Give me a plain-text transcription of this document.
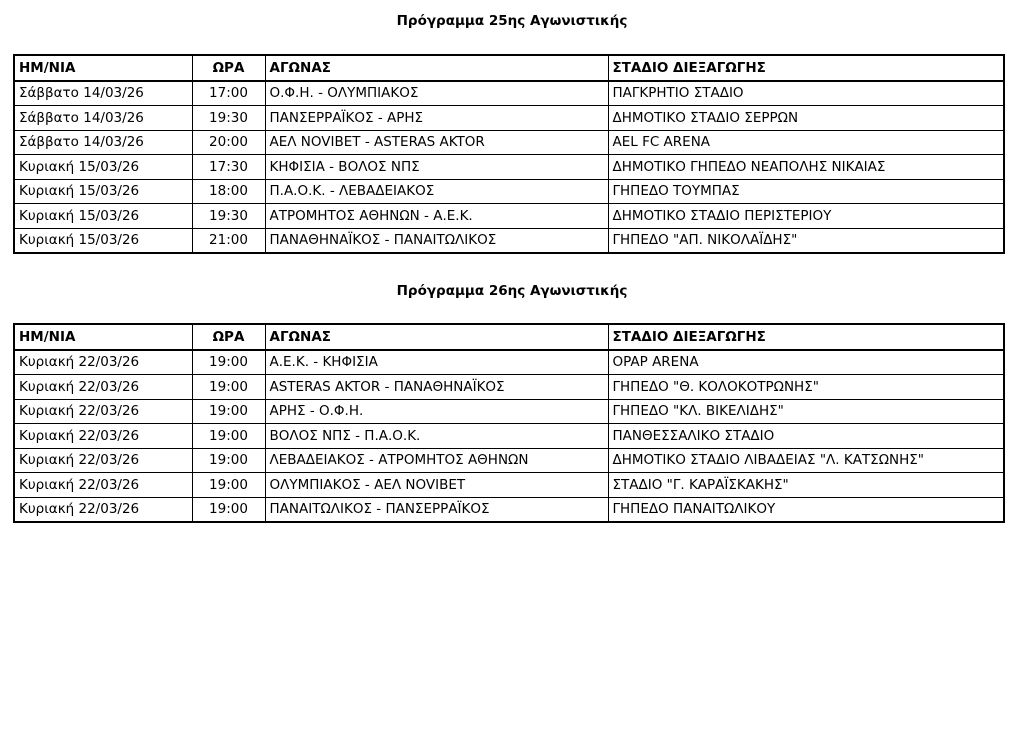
Πρόγραμμα 25ης Αγωνιστικής
ΗΜ/ΝΙΑ	ΩΡΑ	ΑΓΩΝΑΣ	ΣΤΑΔΙΟ ΔΙΕΞΑΓΩΓΗΣ
Σάββατο 14/03/26	17:00	Ο.Φ.Η. - ΟΛΥΜΠΙΑΚΟΣ	ΠΑΓΚΡΗΤΙΟ ΣΤΑΔΙΟ
Σάββατο 14/03/26	19:30	ΠΑΝΣΕΡΡΑΪΚΟΣ - ΑΡΗΣ	ΔΗΜΟΤΙΚΟ ΣΤΑΔΙΟ ΣΕΡΡΩΝ
Σάββατο 14/03/26	20:00	ΑΕΛ NOVIBET - ASTERAS AKTOR	AEL FC ARENA
Κυριακή 15/03/26	17:30	ΚΗΦΙΣΙΑ - ΒΟΛΟΣ ΝΠΣ	ΔΗΜΟΤΙΚΟ ΓΗΠΕΔΟ ΝΕΑΠΟΛΗΣ ΝΙΚΑΙΑΣ
Κυριακή 15/03/26	18:00	Π.Α.Ο.Κ. - ΛΕΒΑΔΕΙΑΚΟΣ	ΓΗΠΕΔΟ ΤΟΥΜΠΑΣ
Κυριακή 15/03/26	19:30	ΑΤΡΟΜΗΤΟΣ ΑΘΗΝΩΝ - Α.Ε.Κ.	ΔΗΜΟΤΙΚΟ ΣΤΑΔΙΟ ΠΕΡΙΣΤΕΡΙΟΥ
Κυριακή 15/03/26	21:00	ΠΑΝΑΘΗΝΑΪΚΟΣ - ΠΑΝΑΙΤΩΛΙΚΟΣ	ΓΗΠΕΔΟ "ΑΠ. ΝΙΚΟΛΑΪΔΗΣ"
Πρόγραμμα 26ης Αγωνιστικής
ΗΜ/ΝΙΑ	ΩΡΑ	ΑΓΩΝΑΣ	ΣΤΑΔΙΟ ΔΙΕΞΑΓΩΓΗΣ
Κυριακή 22/03/26	19:00	Α.Ε.Κ. - ΚΗΦΙΣΙΑ	OPAP ARENA
Κυριακή 22/03/26	19:00	ASTERAS AKTOR - ΠΑΝΑΘΗΝΑΪΚΟΣ	ΓΗΠΕΔΟ "Θ. ΚΟΛΟΚΟΤΡΩΝΗΣ"
Κυριακή 22/03/26	19:00	ΑΡΗΣ - Ο.Φ.Η.	ΓΗΠΕΔΟ "ΚΛ. ΒΙΚΕΛΙΔΗΣ"
Κυριακή 22/03/26	19:00	ΒΟΛΟΣ ΝΠΣ - Π.Α.Ο.Κ.	ΠΑΝΘΕΣΣΑΛΙΚΟ ΣΤΑΔΙΟ
Κυριακή 22/03/26	19:00	ΛΕΒΑΔΕΙΑΚΟΣ - ΑΤΡΟΜΗΤΟΣ ΑΘΗΝΩΝ	ΔΗΜΟΤΙΚΟ ΣΤΑΔΙΟ ΛΙΒΑΔΕΙΑΣ "Λ. ΚΑΤΣΩΝΗΣ"
Κυριακή 22/03/26	19:00	ΟΛΥΜΠΙΑΚΟΣ - ΑΕΛ NOVIBET	ΣΤΑΔΙΟ "Γ. ΚΑΡΑΪΣΚΑΚΗΣ"
Κυριακή 22/03/26	19:00	ΠΑΝΑΙΤΩΛΙΚΟΣ - ΠΑΝΣΕΡΡΑΪΚΟΣ	ΓΗΠΕΔΟ ΠΑΝΑΙΤΩΛΙΚΟΥ
